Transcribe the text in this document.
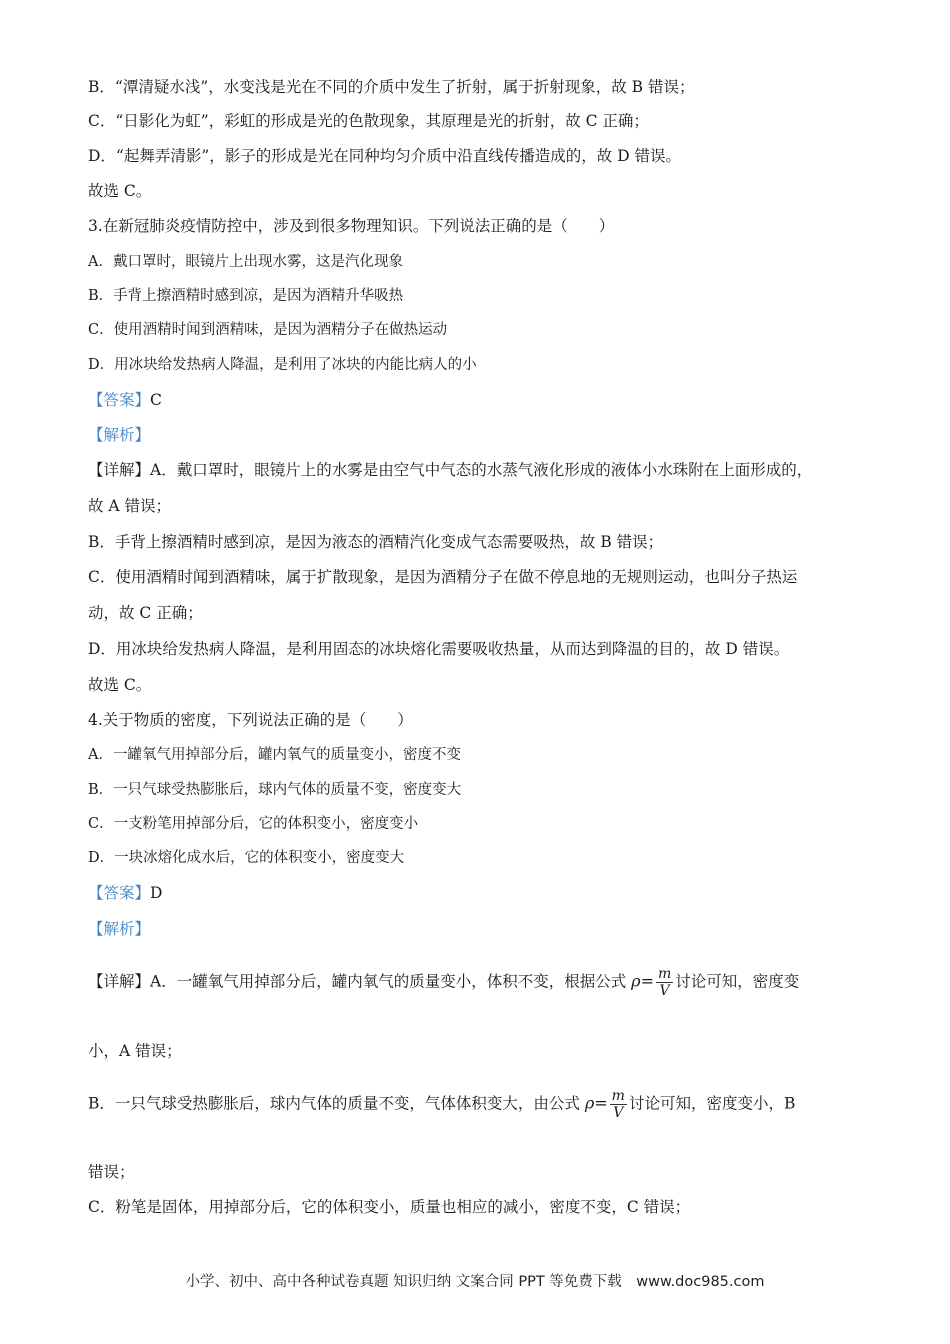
B．“潭清疑水浅”，水变浅是光在不同的介质中发生了折射，属于折射现象，故 B 错误；
C．“日影化为虹”，彩虹的形成是光的色散现象，其原理是光的折射，故 C 正确；
D．“起舞弄清影”，影子的形成是光在同种均匀介质中沿直线传播造成的，故 D 错误。
故选 C。
3.在新冠肺炎疫情防控中，涉及到很多物理知识。下列说法正确的是（　　）
A．戴口罩时，眼镜片上出现水雾，这是汽化现象
B．手背上擦酒精时感到凉，是因为酒精升华吸热
C．使用酒精时闻到酒精味，是因为酒精分子在做热运动
D．用冰块给发热病人降温，是利用了冰块的内能比病人的小
【答案】C
【解析】
【详解】A．戴口罩时，眼镜片上的水雾是由空气中气态的水蒸气液化形成的液体小水珠附在上面形成的，
故 A 错误；
B．手背上擦酒精时感到凉，是因为液态的酒精汽化变成气态需要吸热，故 B 错误；
C．使用酒精时闻到酒精味，属于扩散现象，是因为酒精分子在做不停息地的无规则运动，也叫分子热运
动，故 C 正确；
D．用冰块给发热病人降温，是利用固态的冰块熔化需要吸收热量，从而达到降温的目的，故 D 错误。
故选 C。
4.关于物质的密度，下列说法正确的是（　　）
A．一罐氧气用掉部分后，罐内氧气的质量变小，密度不变
B．一只气球受热膨胀后，球内气体的质量不变，密度变大
C．一支粉笔用掉部分后，它的体积变小，密度变小
D．一块冰熔化成水后，它的体积变小，密度变大
【答案】D
【解析】
【详解】A．一罐氧气用掉部分后，罐内氧气的质量变小，体积不变，根据公式 $\rho= \frac{m}{V}$ 讨论可知，密度变
小，A 错误；
B．一只气球受热膨胀后，球内气体的质量不变，气体体积变大，由公式 $\rho= \frac{m}{V}$ 讨论可知，密度变小，B
错误；
C．粉笔是固体，用掉部分后，它的体积变小，质量也相应的减小，密度不变，C 错误；
小学、初中、高中各种试卷真题 知识归纳 文案合同 PPT 等免费下载　www.doc985.com
